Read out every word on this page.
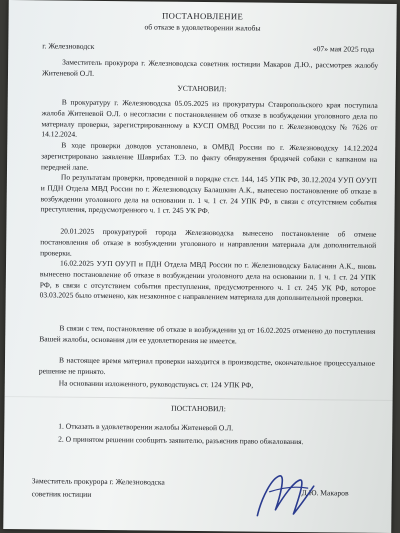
ПОСТАНОВЛЕНИЕ
об отказе в удовлетворении жалобы
г. Железноводск	«07» мая 2025 года
Заместитель прокурора г. Железноводска советник юстиции Макаров Д.Ю., рассмотрев жалобу Житеневой О.Л.
УСТАНОВИЛ:
В прокуратуру г. Железноводска 05.05.2025 из прокуратуры Ставропольского края поступила жалоба Житеневой О.Л. о несогласии с постановлением об отказе в возбуждении уголовного дела по материалу проверки, зарегистрированному в КУСП ОМВД России по г. Железноводску № 7626 от 14.12.2024.
В ходе проверки доводов установлено, в ОМВД России по г. Железноводску 14.12.2024 зарегистрировано заявление Шаврибах Т.Э. по факту обнаружения бродячей собаки с капканом на передней лапе.
По результатам проверки, проведенной в порядке ст.ст. 144, 145 УПК РФ, 30.12.2024 УУП ОУУП и ПДН Отдела МВД России по г. Железноводску Балашкин А.К., вынесено постановление об отказе в возбуждении уголовного дела на основании п. 1 ч. 1 ст. 24 УПК РФ, в связи с отсутствием события преступления, предусмотренного ч. 1 ст. 245 УК РФ.
20.01.2025 прокуратурой города Железноводска вынесено постановление об отмене постановления об отказе в возбуждении уголовного и направлении материала для дополнительной проверки.
16.02.2025 УУП ОУУП и ПДН Отдела МВД России по г. Железноводску Баласанян А.К., вновь вынесено постановление об отказе в возбуждении уголовного дела на основании п. 1 ч. 1 ст. 24 УПК РФ, в связи с отсутствием события преступления, предусмотренного ч. 1 ст. 245 УК РФ, которое 03.03.2025 было отменено, как незаконное с направлением материала для дополнительной проверки.
В связи с тем, постановление об отказе в возбуждении уд от 16.02.2025 отменено до поступления Вашей жалобы, основания для ее удовлетворения не имеется.
В настоящее время материал проверки находится в производстве, окончательное процессуальное решение не принято.
На основании изложенного, руководствуясь ст. 124 УПК РФ,
ПОСТАНОВИЛ:
1. Отказать в удовлетворении жалобы Житеневой О.Л.
2. О принятом решении сообщить заявителю, разъяснив право обжалования.
Заместитель прокурора г. Железноводска
советник юстиции	Д.Ю. Макаров
